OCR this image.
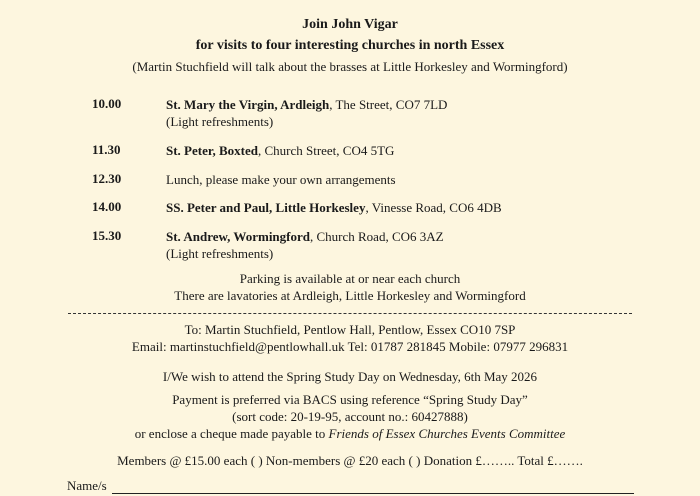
Join John Vigar
for visits to four interesting churches in north Essex
(Martin Stuchfield will talk about the brasses at Little Horkesley and Wormingford)
10.00	St. Mary the Virgin, Ardleigh, The Street, CO7 7LD
(Light refreshments)
11.30	St. Peter, Boxted, Church Street, CO4 5TG
12.30	Lunch, please make your own arrangements
14.00	SS. Peter and Paul, Little Horkesley, Vinesse Road, CO6 4DB
15.30	St. Andrew, Wormingford, Church Road, CO6 3AZ
(Light refreshments)
Parking is available at or near each church
There are lavatories at Ardleigh, Little Horkesley and Wormingford
To: Martin Stuchfield, Pentlow Hall, Pentlow, Essex CO10 7SP
Email: martinstuchfield@pentlowhall.uk Tel: 01787 281845 Mobile: 07977 296831
I/We wish to attend the Spring Study Day on Wednesday, 6th May 2026
Payment is preferred via BACS using reference “Spring Study Day”
(sort code: 20-19-95, account no.: 60427888)
or enclose a cheque made payable to Friends of Essex Churches Events Committee
Members @ £15.00 each ( ) Non-members @ £20 each ( ) Donation £…….. Total £…….
Name/s
